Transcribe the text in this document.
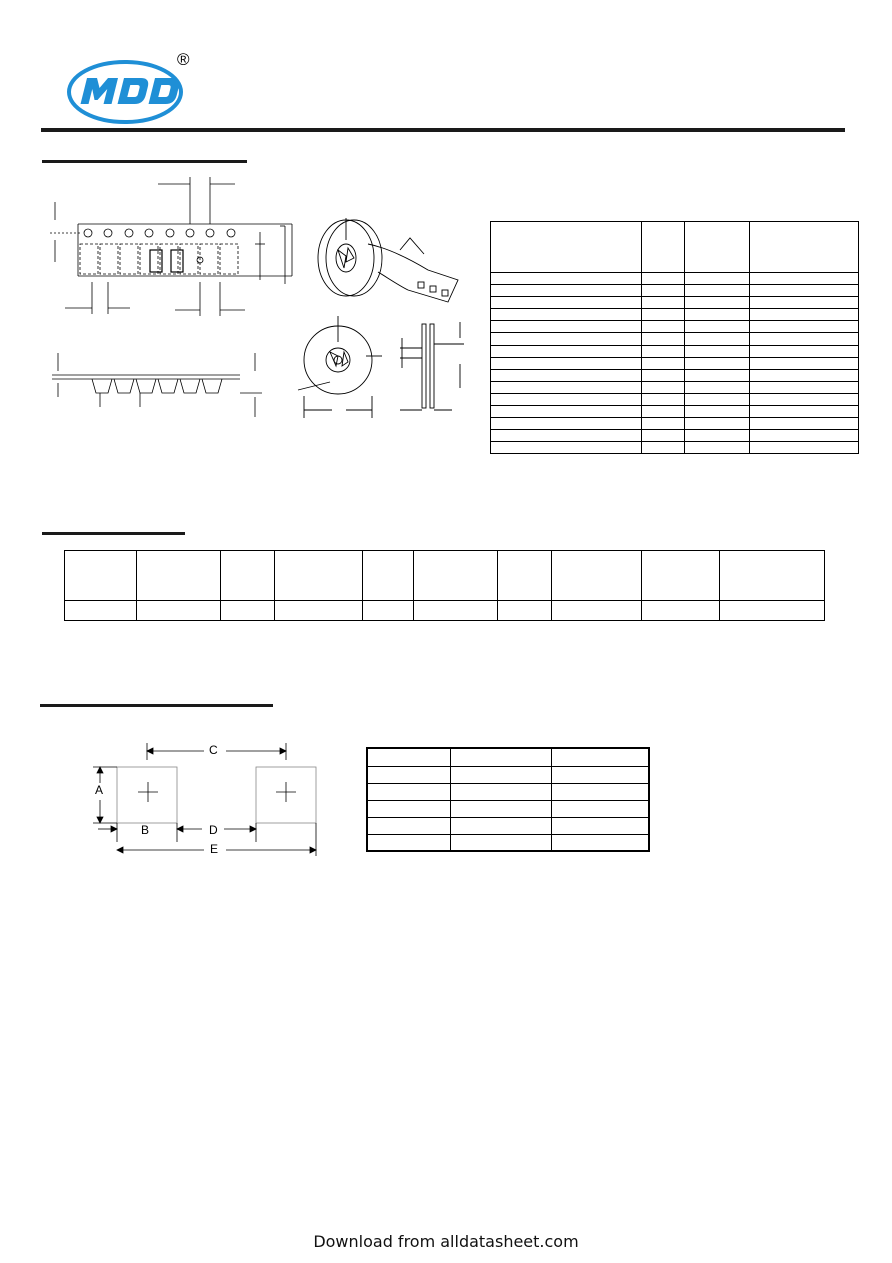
®

C
A
B	D
E

Download from alldatasheet.com
